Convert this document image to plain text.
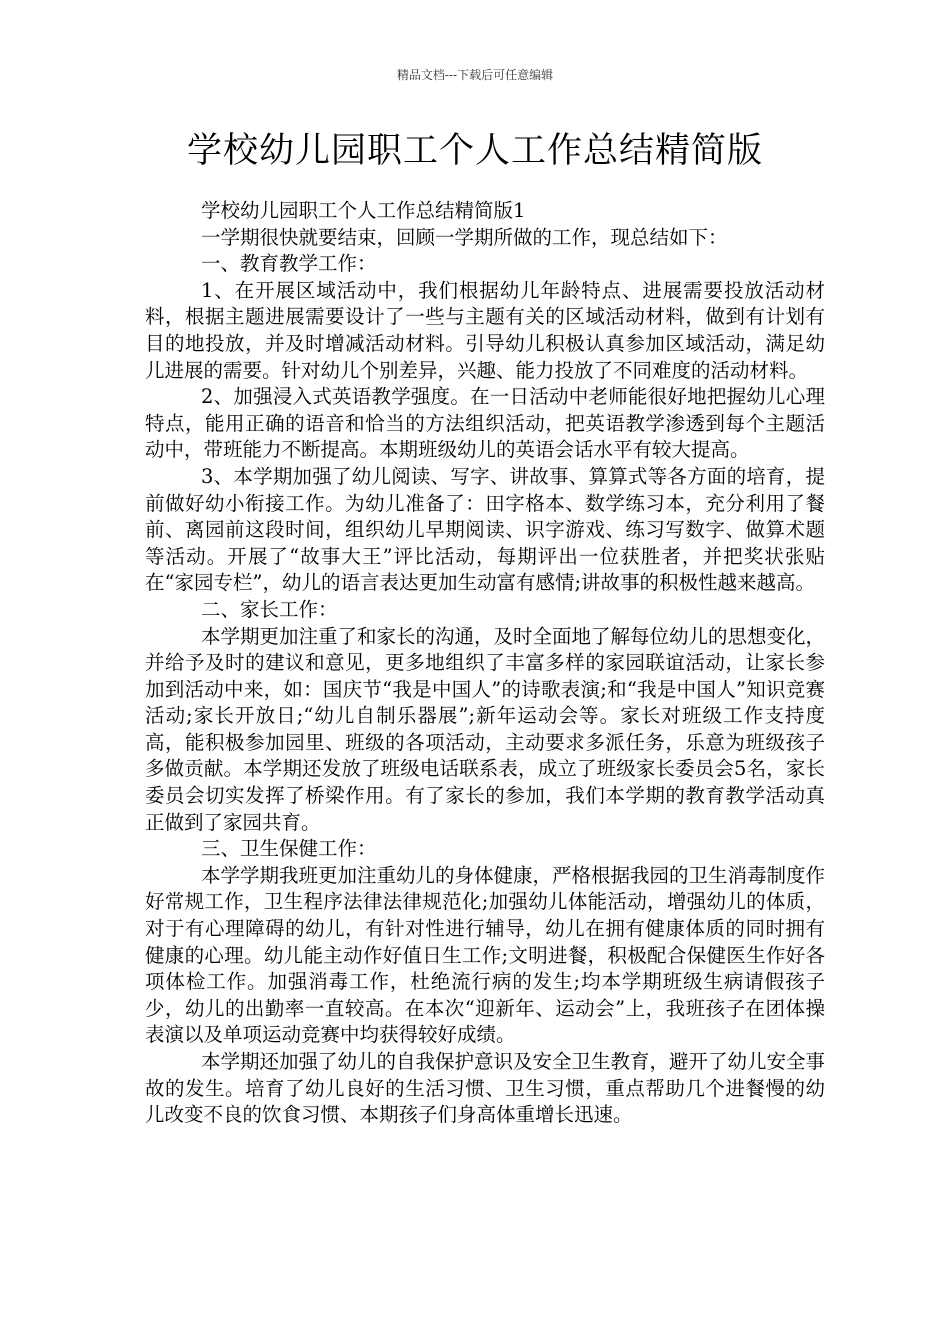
精品文档---下载后可任意编辑
学校幼儿园职工个人工作总结精简版

学校幼儿园职工个人工作总结精简版1

一学期很快就要结束，回顾一学期所做的工作，现总结如下：

一、教育教学工作：

1、在开展区域活动中，我们根据幼儿年龄特点、进展需要投放活动材料，根据主题进展需要设计了一些与主题有关的区域活动材料，做到有计划有目的地投放，并及时增减活动材料。引导幼儿积极认真参加区域活动，满足幼儿进展的需要。针对幼儿个别差异，兴趣、能力投放了不同难度的活动材料。

2、加强浸入式英语教学强度。在一日活动中老师能很好地把握幼儿心理特点，能用正确的语音和恰当的方法组织活动，把英语教学渗透到每个主题活动中，带班能力不断提高。本期班级幼儿的英语会话水平有较大提高。

3、本学期加强了幼儿阅读、写字、讲故事、算算式等各方面的培育，提前做好幼小衔接工作。为幼儿准备了：田字格本、数学练习本，充分利用了餐前、离园前这段时间，组织幼儿早期阅读、识字游戏、练习写数字、做算术题等活动。开展了“故事大王”评比活动，每期评出一位获胜者，并把奖状张贴在“家园专栏”，幼儿的语言表达更加生动富有感情;讲故事的积极性越来越高。

二、家长工作：

本学期更加注重了和家长的沟通，及时全面地了解每位幼儿的思想变化，并给予及时的建议和意见，更多地组织了丰富多样的家园联谊活动，让家长参加到活动中来，如：国庆节“我是中国人”的诗歌表演;和“我是中国人”知识竞赛活动;家长开放日;“幼儿自制乐器展”;新年运动会等。家长对班级工作支持度高，能积极参加园里、班级的各项活动，主动要求多派任务，乐意为班级孩子多做贡献。本学期还发放了班级电话联系表，成立了班级家长委员会5名，家长委员会切实发挥了桥梁作用。有了家长的参加，我们本学期的教育教学活动真正做到了家园共育。

三、卫生保健工作：

本学学期我班更加注重幼儿的身体健康，严格根据我园的卫生消毒制度作好常规工作，卫生程序法律法律规范化;加强幼儿体能活动，增强幼儿的体质，对于有心理障碍的幼儿，有针对性进行辅导，幼儿在拥有健康体质的同时拥有健康的心理。幼儿能主动作好值日生工作;文明进餐，积极配合保健医生作好各项体检工作。加强消毒工作，杜绝流行病的发生;均本学期班级生病请假孩子少，幼儿的出勤率一直较高。在本次“迎新年、运动会”上，我班孩子在团体操表演以及单项运动竞赛中均获得较好成绩。

本学期还加强了幼儿的自我保护意识及安全卫生教育，避开了幼儿安全事故的发生。培育了幼儿良好的生活习惯、卫生习惯，重点帮助几个进餐慢的幼儿改变不良的饮食习惯、本期孩子们身高体重增长迅速。
